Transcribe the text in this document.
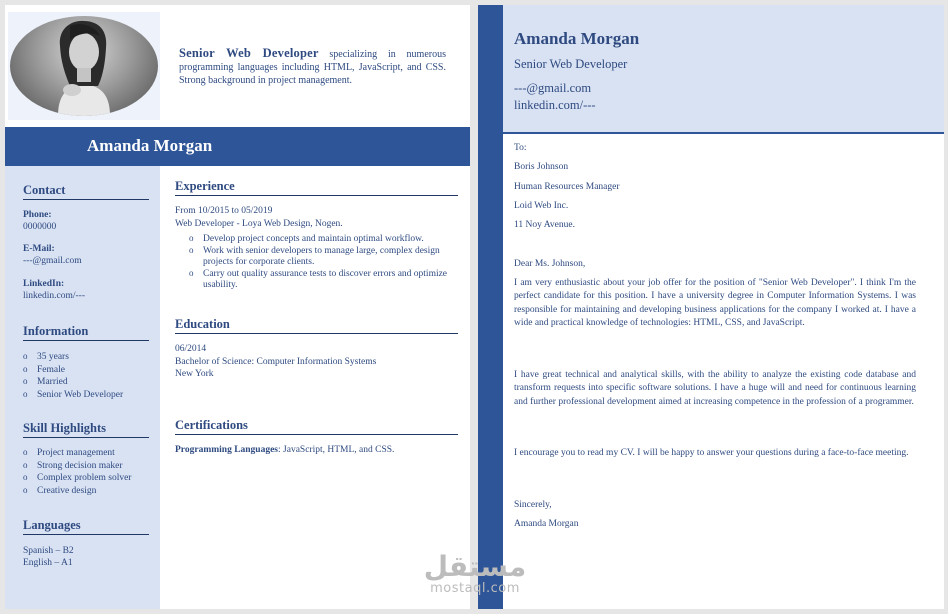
Senior Web Developer specializing in numerous programming languages including HTML, JavaScript, and CSS. Strong background in project management.
Amanda Morgan
Contact
Phone:
0000000
E-Mail:
---@gmail.com
LinkedIn:
linkedin.com/---
Information
o 35 years
o Female
o Married
o Senior Web Developer
Skill Highlights
o Project management
o Strong decision maker
o Complex problem solver
o Creative design
Languages
Spanish – B2
English – A1
Experience
From 10/2015 to 05/2019
Web Developer - Loya Web Design, Nogen.
o Develop project concepts and maintain optimal workflow.
o Work with senior developers to manage large, complex design projects for corporate clients.
o Carry out quality assurance tests to discover errors and optimize usability.
Education
06/2014
Bachelor of Science: Computer Information Systems
New York
Certifications
Programming Languages: JavaScript, HTML, and CSS.
Amanda Morgan
Senior Web Developer
---@gmail.com
linkedin.com/---
To:
Boris Johnson
Human Resources Manager
Loid Web Inc.
11 Noy Avenue.
Dear Ms. Johnson,
I am very enthusiastic about your job offer for the position of "Senior Web Developer". I think I'm the perfect candidate for this position. I have a university degree in Computer Information Systems. I was responsible for maintaining and developing business applications for the company I worked at. I have a wide and practical knowledge of technologies: HTML, CSS, and JavaScript.
I have great technical and analytical skills, with the ability to analyze the existing code database and transform requests into specific software solutions. I have a huge will and need for continuous learning and further professional development aimed at increasing competence in the profession of a programmer.
I encourage you to read my CV. I will be happy to answer your questions during a face-to-face meeting.
Sincerely,
Amanda Morgan
مستقل
mostaql.com
